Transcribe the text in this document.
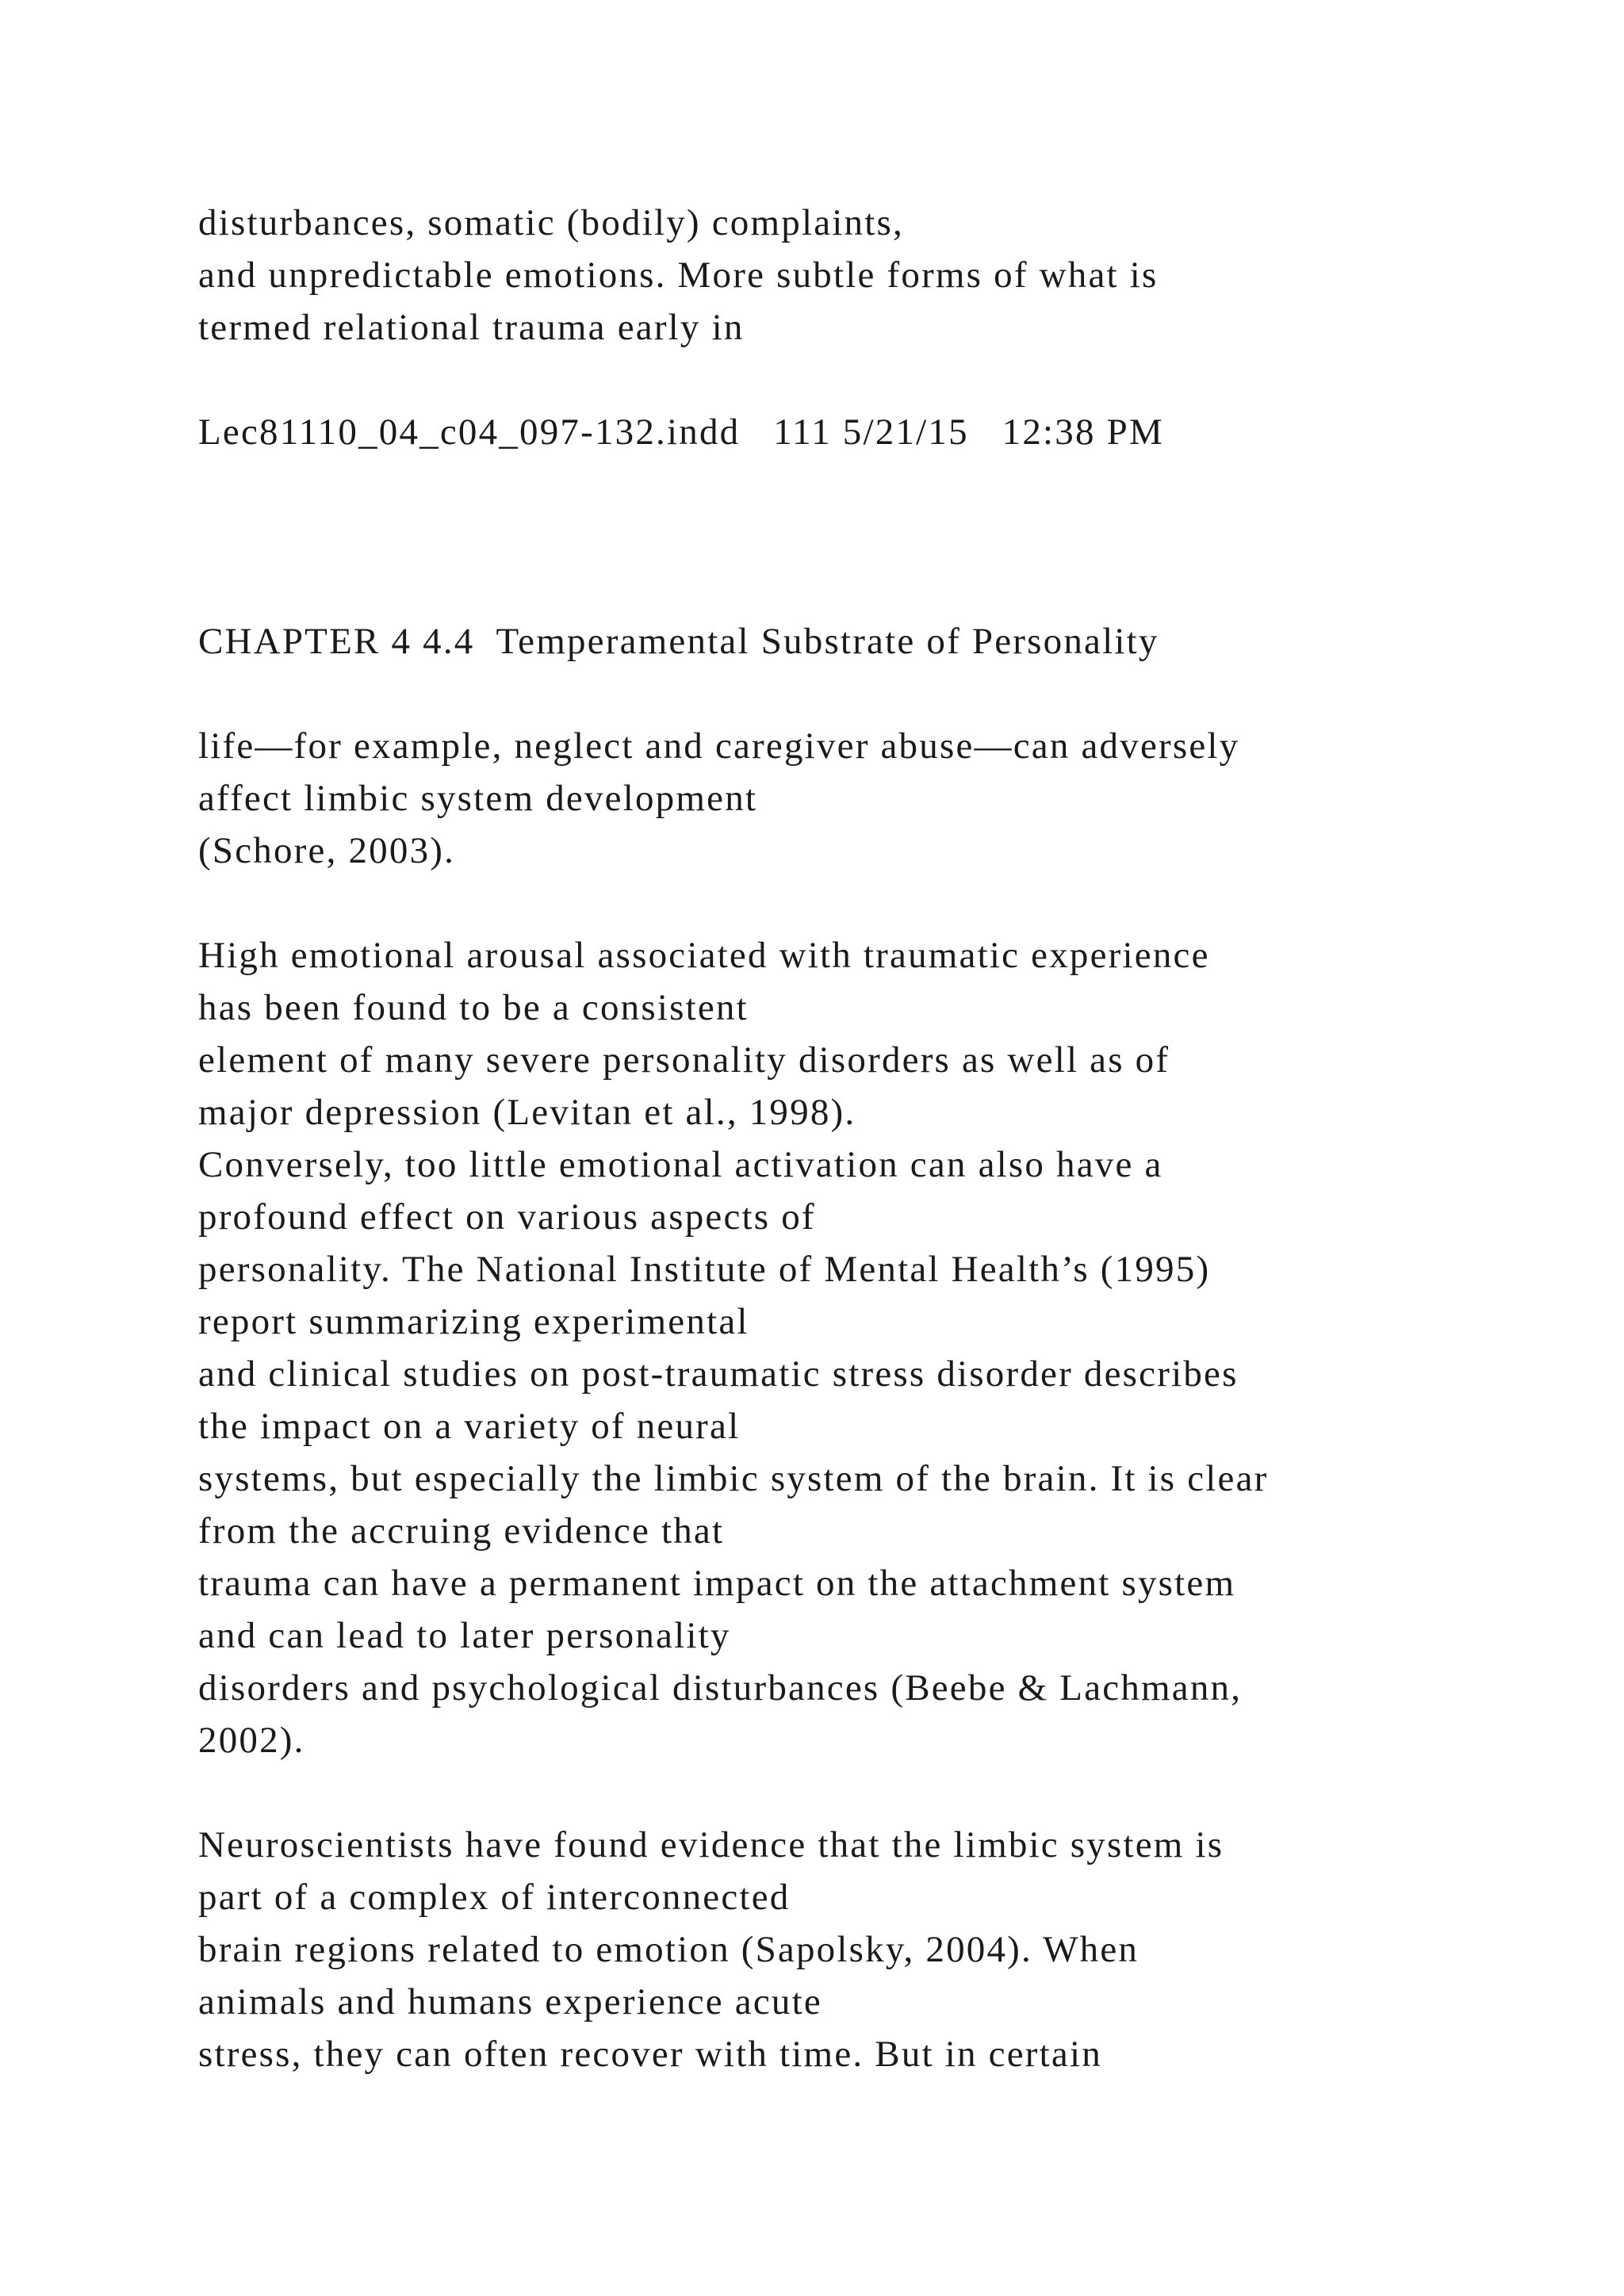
disturbances, somatic (bodily) complaints,
and unpredictable emotions. More subtle forms of what is
termed relational trauma early in
Lec81110_04_c04_097-132.indd   111 5/21/15   12:38 PM
CHAPTER 4 4.4  Temperamental Substrate of Personality
life—for example, neglect and caregiver abuse—can adversely
affect limbic system development
(Schore, 2003).
High emotional arousal associated with traumatic experience
has been found to be a consistent
element of many severe personality disorders as well as of
major depression (Levitan et al., 1998).
Conversely, too little emotional activation can also have a
profound effect on various aspects of
personality. The National Institute of Mental Health’s (1995)
report summarizing experimental
and clinical studies on post-traumatic stress disorder describes
the impact on a variety of neural
systems, but especially the limbic system of the brain. It is clear
from the accruing evidence that
trauma can have a permanent impact on the attachment system
and can lead to later personality
disorders and psychological disturbances (Beebe & Lachmann,
2002).
Neuroscientists have found evidence that the limbic system is
part of a complex of interconnected
brain regions related to emotion (Sapolsky, 2004). When
animals and humans experience acute
stress, they can often recover with time. But in certain
